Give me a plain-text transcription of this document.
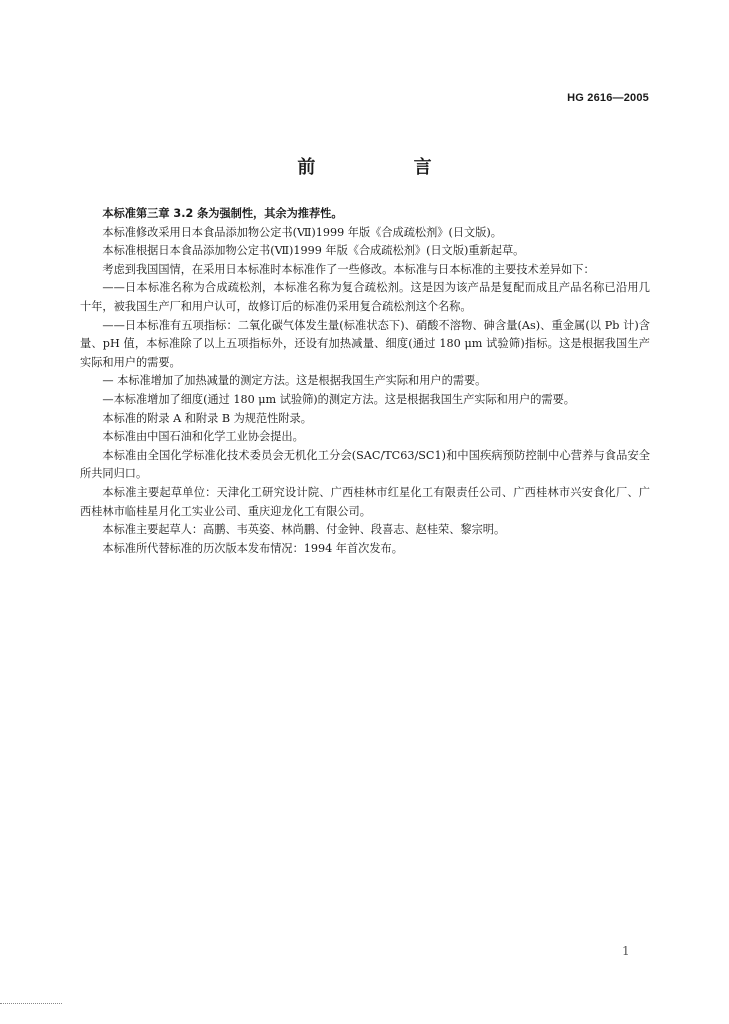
HG 2616—2005
前 言

本标准第三章 3.2 条为强制性，其余为推荐性。

本标准修改采用日本食品添加物公定书(Ⅶ)1999 年版《合成疏松剂》(日文版)。

本标准根据日本食品添加物公定书(Ⅶ)1999 年版《合成疏松剂》(日文版)重新起草。

考虑到我国国情，在采用日本标准时本标准作了一些修改。本标准与日本标准的主要技术差异如下：

——日本标准名称为合成疏松剂，本标准名称为复合疏松剂。这是因为该产品是复配而成且产品名称已沿用几十年，被我国生产厂和用户认可，故修订后的标准仍采用复合疏松剂这个名称。

——日本标准有五项指标：二氧化碳气体发生量(标准状态下)、硝酸不溶物、砷含量(As)、重金属(以 Pb 计)含量、pH 值，本标准除了以上五项指标外，还设有加热减量、细度(通过 180 μm 试验筛)指标。这是根据我国生产实际和用户的需要。

— 本标准增加了加热减量的测定方法。这是根据我国生产实际和用户的需要。

—本标准增加了细度(通过 180 μm 试验筛)的测定方法。这是根据我国生产实际和用户的需要。

本标准的附录 A 和附录 B 为规范性附录。

本标准由中国石油和化学工业协会提出。

本标准由全国化学标准化技术委员会无机化工分会(SAC/TC63/SC1)和中国疾病预防控制中心营养与食品安全所共同归口。

本标准主要起草单位：天津化工研究设计院、广西桂林市红星化工有限责任公司、广西桂林市兴安食化厂、广西桂林市临桂星月化工实业公司、重庆迎龙化工有限公司。

本标准主要起草人：高鹏、韦英姿、林尚鹏、付金钟、段喜志、赵桂荣、黎宗明。

本标准所代替标准的历次版本发布情况：1994 年首次发布。

1
